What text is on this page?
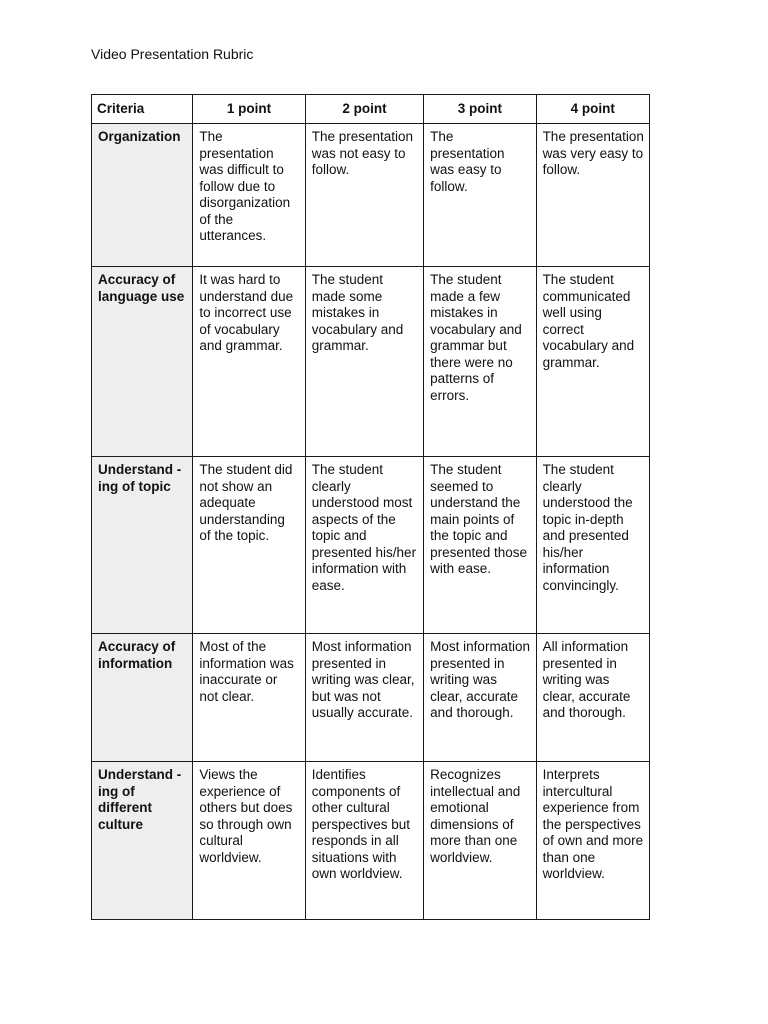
Video Presentation Rubric
Criteria	1 point	2 point	3 point	4 point
Organization	The presentation was difficult to follow due to disorganization of the utterances.	The presentation was not easy to follow.	The presentation was easy to follow.	The presentation was very easy to follow.
Accuracy of language use	It was hard to understand due to incorrect use of vocabulary and grammar.	The student made some mistakes in vocabulary and grammar.	The student made a few mistakes in vocabulary and grammar but there were no patterns of errors.	The student communicated well using correct vocabulary and grammar.
Understand -ing of topic	The student did not show an adequate understanding of the topic.	The student clearly understood most aspects of the topic and presented his/her information with ease.	The student seemed to understand the main points of the topic and presented those with ease.	The student clearly understood the topic in-depth and presented his/her information convincingly.
Accuracy of information	Most of the information was inaccurate or not clear.	Most information presented in writing was clear, but was not usually accurate.	Most information presented in writing was clear, accurate and thorough.	All information presented in writing was clear, accurate and thorough.
Understand -ing of different culture	Views the experience of others but does so through own cultural worldview.	Identifies components of other cultural perspectives but responds in all situations with own worldview.	Recognizes intellectual and emotional dimensions of more than one worldview.	Interprets intercultural experience from the perspectives of own and more than one worldview.
